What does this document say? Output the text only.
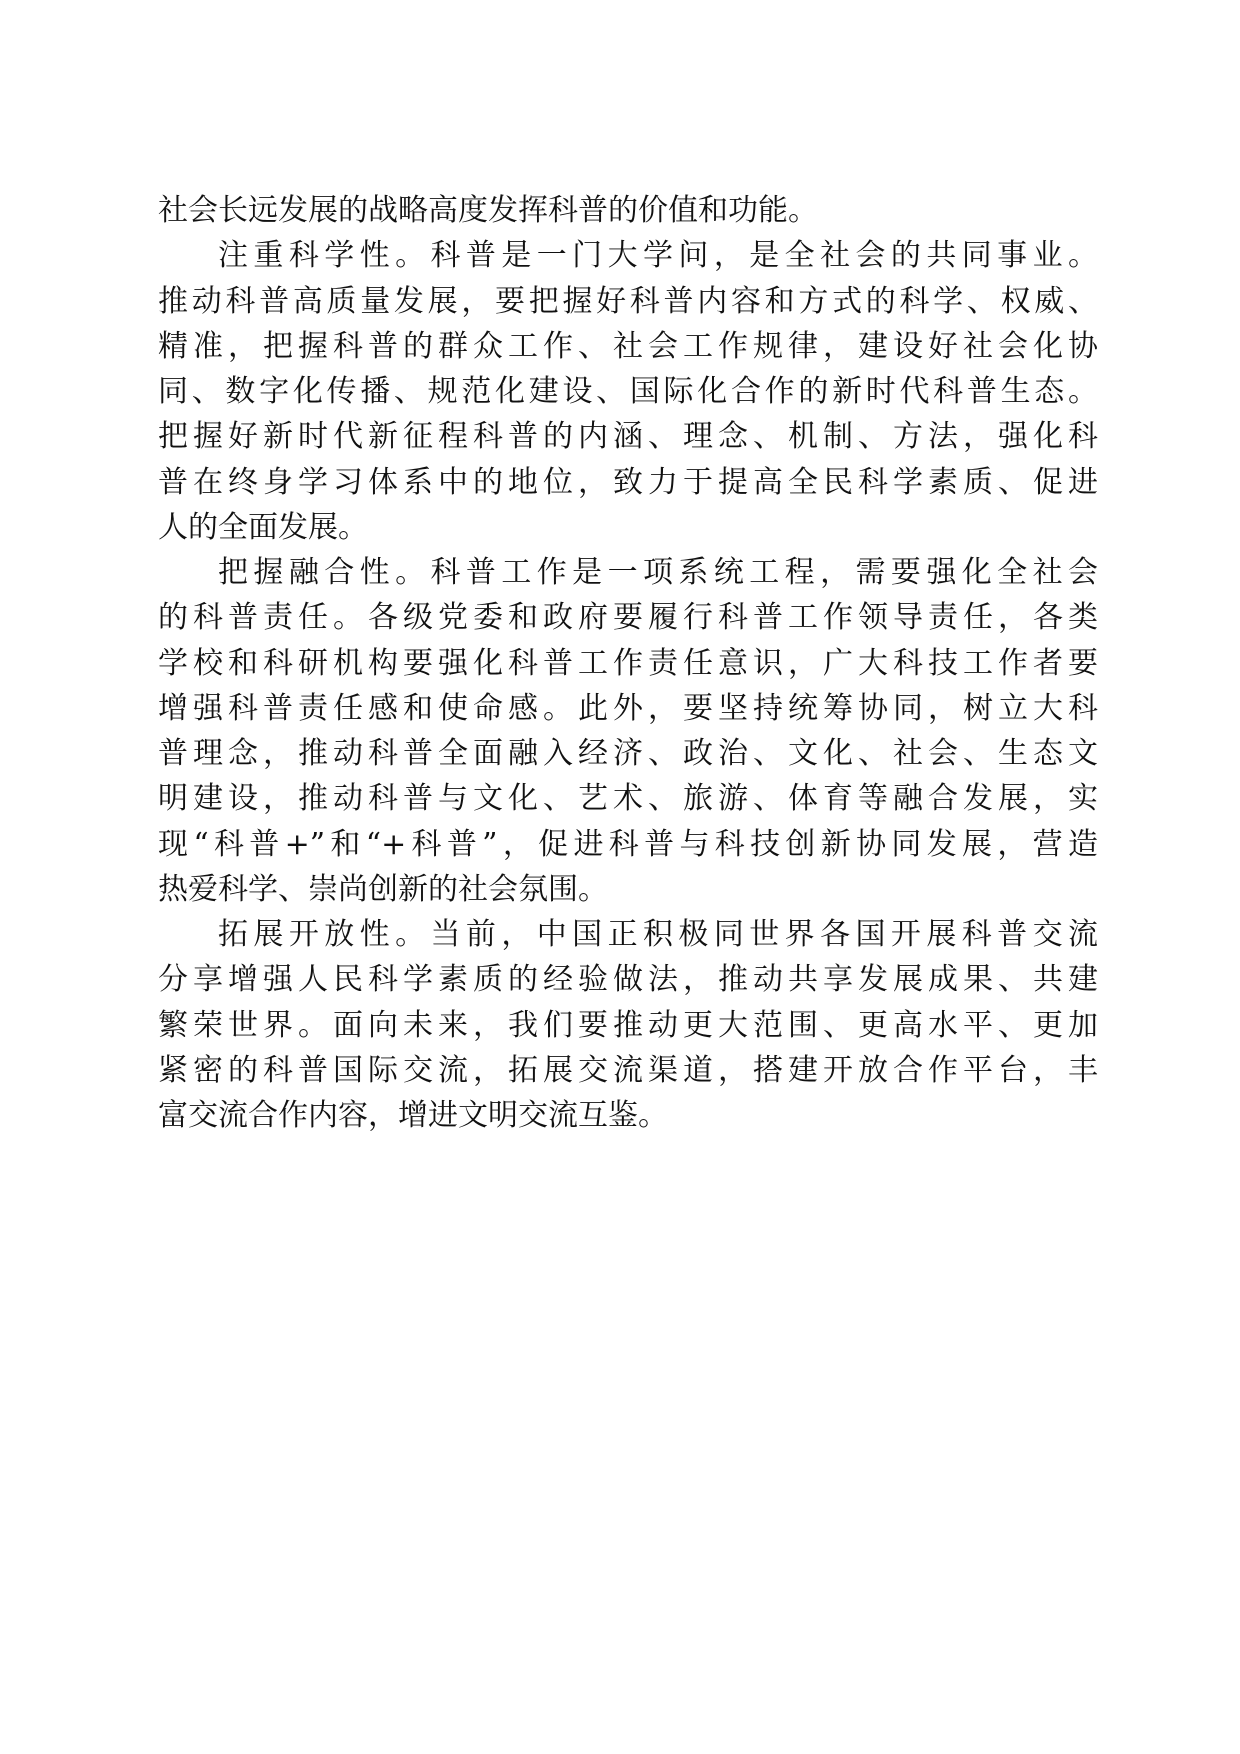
社会长远发展的战略高度发挥科普的价值和功能。
注重科学性。科普是一门大学问，是全社会的共同事业。
推动科普高质量发展，要把握好科普内容和方式的科学、权威、
精准，把握科普的群众工作、社会工作规律，建设好社会化协
同、数字化传播、规范化建设、国际化合作的新时代科普生态。
把握好新时代新征程科普的内涵、理念、机制、方法，强化科
普在终身学习体系中的地位，致力于提高全民科学素质、促进
人的全面发展。
把握融合性。科普工作是一项系统工程，需要强化全社会
的科普责任。各级党委和政府要履行科普工作领导责任，各类
学校和科研机构要强化科普工作责任意识，广大科技工作者要
增强科普责任感和使命感。此外，要坚持统筹协同，树立大科
普理念，推动科普全面融入经济、政治、文化、社会、生态文
明建设，推动科普与文化、艺术、旅游、体育等融合发展，实
现“科普+”和“+科普”，促进科普与科技创新协同发展，营造
热爱科学、崇尚创新的社会氛围。
拓展开放性。当前，中国正积极同世界各国开展科普交流
分享增强人民科学素质的经验做法，推动共享发展成果、共建
繁荣世界。面向未来，我们要推动更大范围、更高水平、更加
紧密的科普国际交流，拓展交流渠道，搭建开放合作平台，丰
富交流合作内容，增进文明交流互鉴。
